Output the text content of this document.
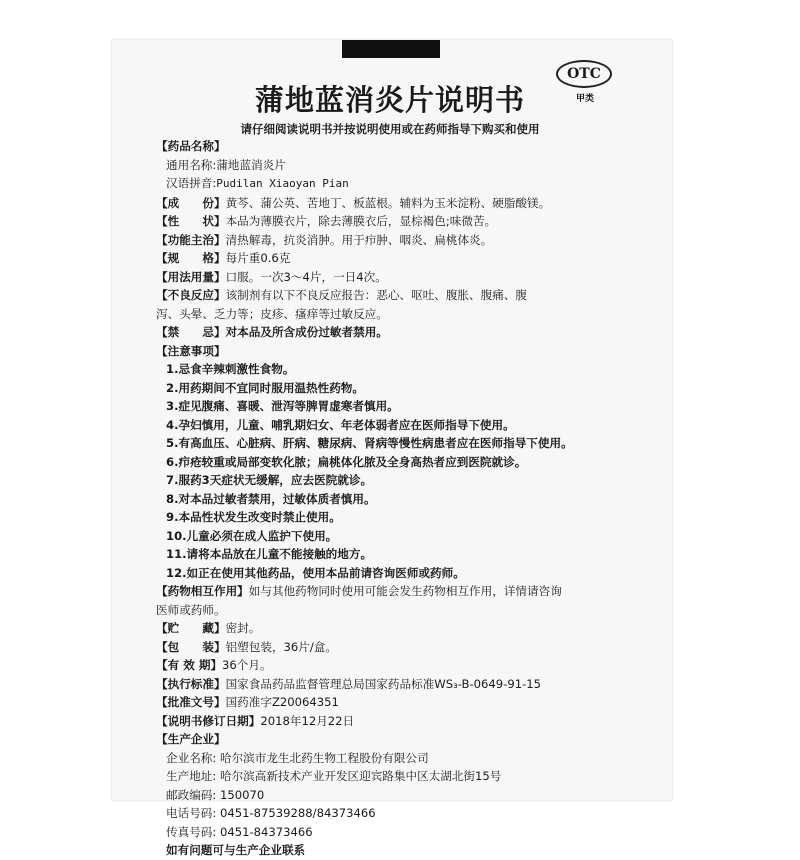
OTC
甲类
蒲地蓝消炎片说明书
请仔细阅读说明书并按说明使用或在药师指导下购买和使用
【药品名称】
通用名称:蒲地蓝消炎片
汉语拼音:Pudilan Xiaoyan Pian
【成　　份】黄芩、蒲公英、苦地丁、板蓝根。辅料为玉米淀粉、硬脂酸镁。
【性　　状】本品为薄膜衣片，除去薄膜衣后，显棕褐色;味微苦。
【功能主治】清热解毒，抗炎消肿。用于疖肿、咽炎、扁桃体炎。
【规　　格】每片重0.6克
【用法用量】口服。一次3～4片，一日4次。
【不良反应】该制剂有以下不良反应报告：恶心、呕吐、腹胀、腹痛、腹
泻、头晕、乏力等；皮疹、瘙痒等过敏反应。
【禁　　忌】对本品及所含成份过敏者禁用。
【注意事项】
1.忌食辛辣刺激性食物。
2.用药期间不宜同时服用温热性药物。
3.症见腹痛、喜暖、泄泻等脾胃虚寒者慎用。
4.孕妇慎用，儿童、哺乳期妇女、年老体弱者应在医师指导下使用。
5.有高血压、心脏病、肝病、糖尿病、肾病等慢性病患者应在医师指导下使用。
6.疖疮较重或局部变软化脓；扁桃体化脓及全身高热者应到医院就诊。
7.服药3天症状无缓解，应去医院就诊。
8.对本品过敏者禁用，过敏体质者慎用。
9.本品性状发生改变时禁止使用。
10.儿童必须在成人监护下使用。
11.请将本品放在儿童不能接触的地方。
12.如正在使用其他药品，使用本品前请咨询医师或药师。
【药物相互作用】如与其他药物同时使用可能会发生药物相互作用，详情请咨询
医师或药师。
【贮　　藏】密封。
【包　　装】铝塑包装，36片/盒。
【有 效 期】36个月。
【执行标准】国家食品药品监督管理总局国家药品标准WS₃-B-0649-91-15
【批准文号】国药准字Z20064351
【说明书修订日期】2018年12月22日
【生产企业】
企业名称: 哈尔滨市龙生北药生物工程股份有限公司
生产地址: 哈尔滨高新技术产业开发区迎宾路集中区太湖北街15号
邮政编码: 150070
电话号码: 0451-87539288/84373466
传真号码: 0451-84373466
如有问题可与生产企业联系
